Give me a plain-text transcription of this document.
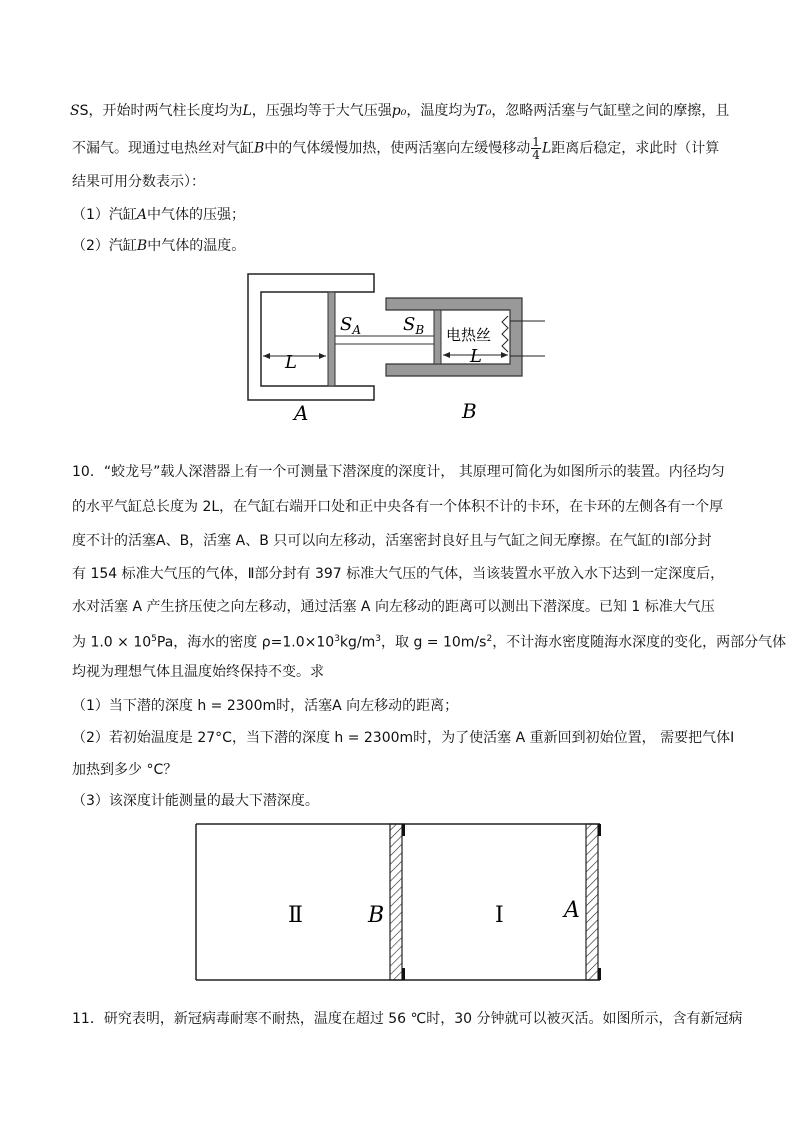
SS，开始时两气柱长度均为L，压强均等于大气压强p₀，温度均为T₀，忽略两活塞与气缸壁之间的摩擦，且
不漏气。现通过电热丝对气缸B中的气体缓慢加热，使两活塞向左缓慢移动 $\frac{1}{4}$ L距离后稳定，求此时（计算
结果可用分数表示）：
（1）汽缸A中气体的压强；
（2）汽缸B中气体的温度。
$S_A$ $S_B$ 电热丝
L	L
A	B
10．“蛟龙号”载人深潜器上有一个可测量下潜深度的深度计， 其原理可简化为如图所示的装置。内径均匀
的水平气缸总长度为 2L，在气缸右端开口处和正中央各有一个体积不计的卡环，在卡环的左侧各有一个厚
度不计的活塞A、B，活塞 A、B 只可以向左移动，活塞密封良好且与气缸之间无摩擦。在气缸的Ⅰ部分封
有 154 标准大气压的气体，Ⅱ部分封有 397 标准大气压的气体，当该装置水平放入水下达到一定深度后，
水对活塞 A 产生挤压使之向左移动，通过活塞 A 向左移动的距离可以测出下潜深度。已知 1 标准大气压
为 $1.0 \times 10^5Pa$，海水的密度 $\rho=1.0\times 10^3kg/m^3$，取 $g = 10m/s^2$，不计海水密度随海水深度的变化，两部分气体
均视为理想气体且温度始终保持不变。求
（1）当下潜的深度 h = 2300m时，活塞A 向左移动的距离；
（2）若初始温度是 27°C，当下潜的深度 h = 2300m时，为了使活塞 A 重新回到初始位置， 需要把气体Ⅰ
加热到多少 °C？
（3）该深度计能测量的最大下潜深度。
Ⅱ	B	Ⅰ	A
11．研究表明，新冠病毒耐寒不耐热，温度在超过 56 ℃时，30 分钟就可以被灭活。如图所示，含有新冠病
